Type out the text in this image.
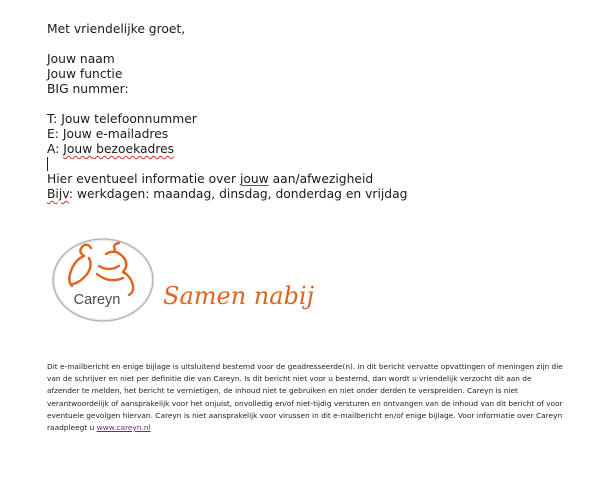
Met vriendelijke groet,
Jouw naam
Jouw functie
BIG nummer:
T: Jouw telefoonnummer
E: Jouw e-mailadres
A: Jouw bezoekadres
Hier eventueel informatie over jouw aan/afwezigheid
Bijv: werkdagen: maandag, dinsdag, donderdag en vrijdag
Careyn Samen nabij
Dit e-mailbericht en enige bijlage is uitsluitend bestemd voor de geadresseerde(n). In dit bericht vervatte opvattingen of meningen zijn die van de schrijver en niet per definitie die van Careyn. Is dit bericht niet voor u bestemd, dan wordt u vriendelijk verzocht dit aan de afzender te melden, het bericht te vernietigen, de inhoud niet te gebruiken en niet onder derden te verspreiden. Careyn is niet verantwoordelijk of aansprakelijk voor het onjuist, onvolledig en/of niet-tijdig versturen en ontvangen van de inhoud van dit bericht of voor eventuele gevolgen hiervan. Careyn is niet aansprakelijk voor virussen in dit e-mailbericht en/of enige bijlage. Voor informatie over Careyn raadpleegt u www.careyn.nl
